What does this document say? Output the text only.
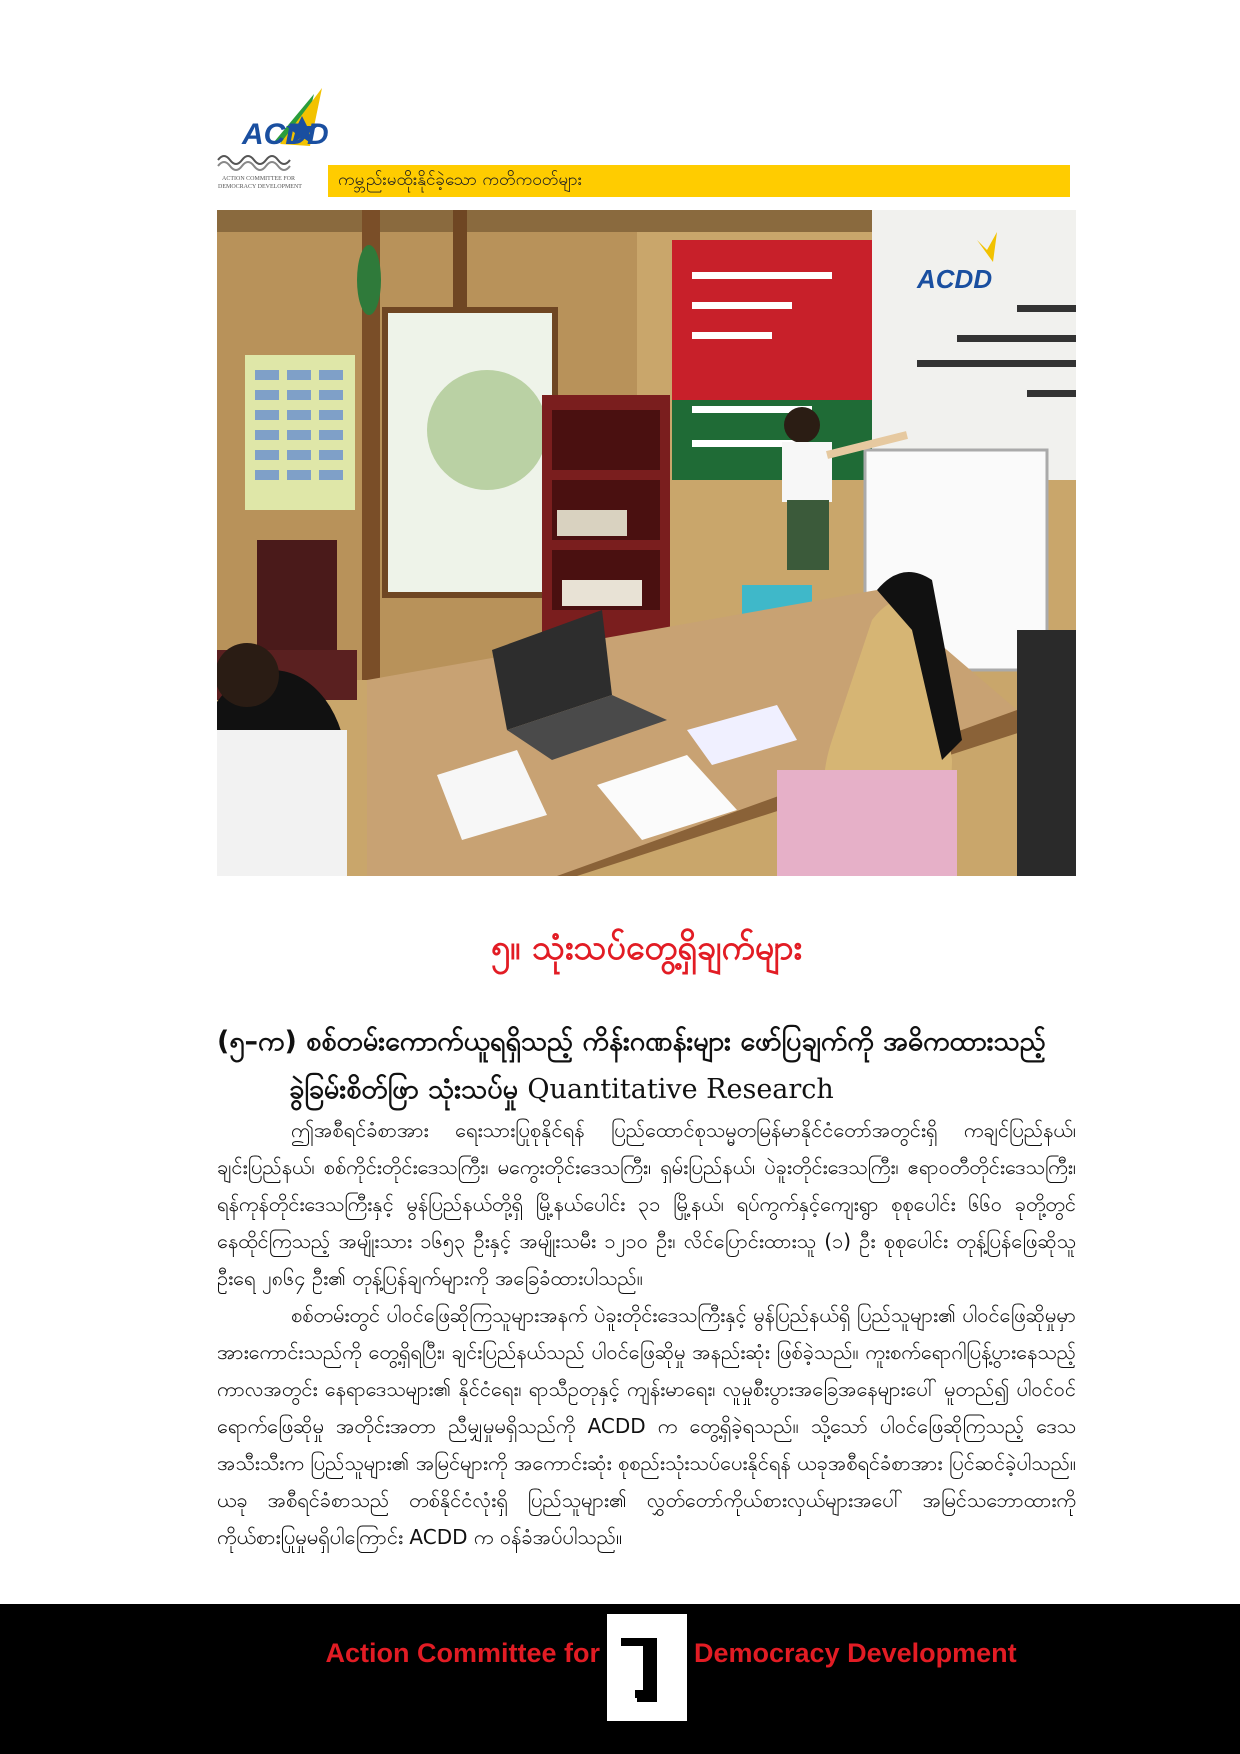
ACDD
ACTION COMMITTEE FOR
DEMOCRACY DEVELOPMENT ကမ္ဘည်းမထိုးနိုင်ခဲ့သော ကတိကဝတ်များ
ACDD
၅။ သုံးသပ်တွေ့ရှိချက်များ
(၅–က) စစ်တမ်းကောက်ယူရရှိသည့် ကိန်းဂဏန်းများ ဖော်ပြချက်ကို အဓိကထားသည့်
ခွဲခြမ်းစိတ်ဖြာ သုံးသပ်မှု Quantitative Research

ဤအစီရင်ခံစာအား ရေးသားပြုစုနိုင်ရန် ပြည်ထောင်စုသမ္မတမြန်မာနိုင်ငံတော်အတွင်းရှိ ကချင်ပြည်နယ်၊ ချင်းပြည်နယ်၊ စစ်ကိုင်းတိုင်းဒေသကြီး၊ မကွေးတိုင်းဒေသကြီး၊ ရှမ်းပြည်နယ်၊ ပဲခူးတိုင်းဒေသကြီး၊ ဧရာဝတီတိုင်းဒေသကြီး၊ ရန်ကုန်တိုင်းဒေသကြီးနှင့် မွန်ပြည်နယ်တို့ရှိ မြို့နယ်ပေါင်း ၃၁ မြို့နယ်၊ ရပ်ကွက်နှင့်ကျေးရွာ စုစုပေါင်း ၆၆၀ ခုတို့တွင် နေထိုင်ကြသည့် အမျိုးသား ၁၆၅၃ ဦးနှင့် အမျိုးသမီး ၁၂၁၀ ဦး၊ လိင်ပြောင်းထားသူ (၁) ဦး စုစုပေါင်း တုန့်ပြန်ဖြေဆိုသူဦးရေ ၂၈၆၄ ဦး၏ တုန့်ပြန်ချက်များကို အခြေခံထားပါသည်။

စစ်တမ်းတွင် ပါဝင်ဖြေဆိုကြသူများအနက် ပဲခူးတိုင်းဒေသကြီးနှင့် မွန်ပြည်နယ်ရှိ ပြည်သူများ၏ ပါဝင်ဖြေဆိုမှုမှာ အားကောင်းသည်ကို တွေ့ရှိရပြီး၊ ချင်းပြည်နယ်သည် ပါဝင်ဖြေဆိုမှု အနည်းဆုံး ဖြစ်ခဲ့သည်။ ကူးစက်ရောဂါပြန့်ပွားနေသည့်ကာလအတွင်း နေရာဒေသများ၏ နိုင်ငံရေး၊ ရာသီဥတုနှင့် ကျန်းမာရေး၊ လူမှုစီးပွားအခြေအနေများပေါ် မူတည်၍ ပါဝင်ဝင်ရောက်ဖြေဆိုမှု အတိုင်းအတာ ညီမျှမှုမရှိသည်ကို ACDD က တွေ့ရှိခဲ့ရသည်။ သို့သော် ပါဝင်ဖြေဆိုကြသည့် ဒေသအသီးသီးက ပြည်သူများ၏ အမြင်များကို အကောင်းဆုံး စုစည်းသုံးသပ်ပေးနိုင်ရန် ယခုအစီရင်ခံစာအား ပြင်ဆင်ခဲ့ပါသည်။ ယခု အစီရင်ခံစာသည် တစ်နိုင်ငံလုံးရှိ ပြည်သူများ၏ လွှတ်တော်ကိုယ်စားလှယ်များအပေါ် အမြင်သဘောထားကို ကိုယ်စားပြုမှုမရှိပါကြောင်း ACDD က ဝန်ခံအပ်ပါသည်။

Action Committee for	Democracy Development
